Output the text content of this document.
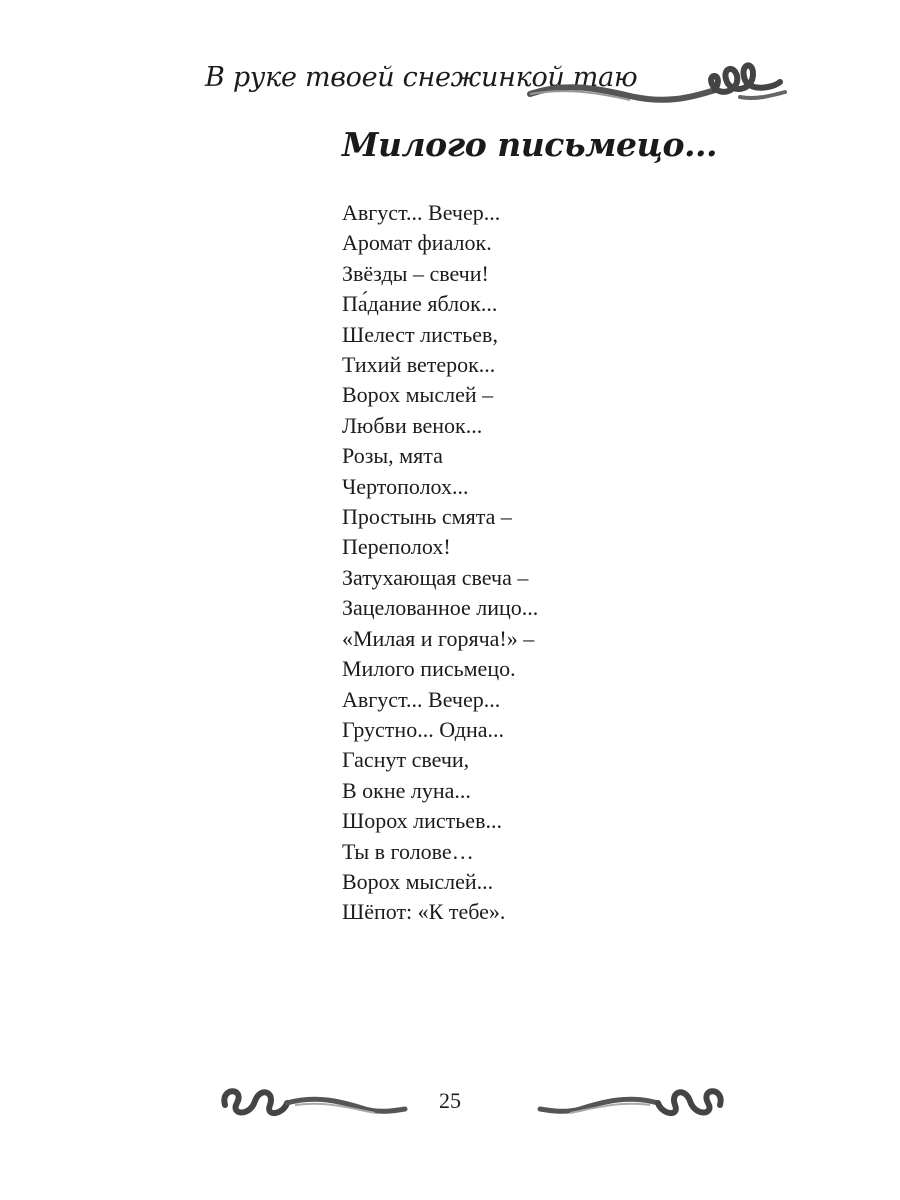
В руке твоей снежинкой таю
Милого письмецо...
Август... Вечер...
Аромат фиалок.
Звёзды – свечи!
Па́дание яблок...
Шелест листьев,
Тихий ветерок...
Ворох мыслей –
Любви венок...
Розы, мята
Чертополох...
Простынь смята –
Переполох!
Затухающая свеча –
Зацелованное лицо...
«Милая и горяча!» –
Милого письмецо.
Август... Вечер...
Грустно... Одна...
Гаснут свечи,
В окне луна...
Шорох листьев...
Ты в голове…
Ворох мыслей...
Шёпот: «К тебе».
25
